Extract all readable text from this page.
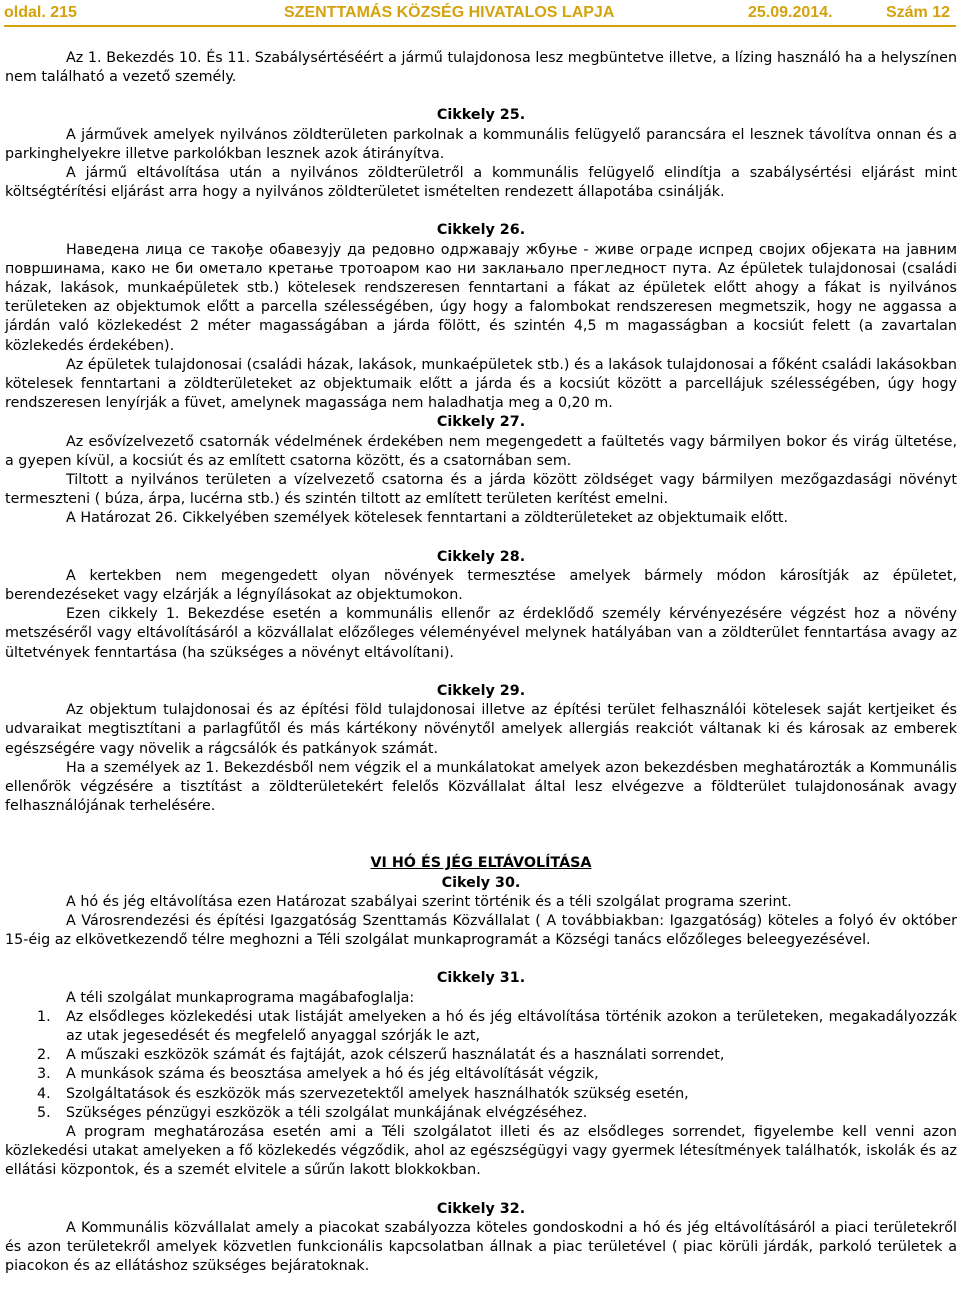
oldal. 215	SZENTTAMÁS KÖZSÉG HIVATALOS LAPJA	25.09.2014.	Szám 12

Az 1. Bekezdés 10. És 11. Szabálysértéséért a jármű tulajdonosa lesz megbüntetve illetve, a lízing használó ha a helyszínen nem található a vezető személy.

Cikkely 25.

A járművek amelyek nyilvános zöldterületen parkolnak a kommunális felügyelő parancsára el lesznek távolítva onnan és a parkinghelyekre illetve parkolókban lesznek azok átirányítva.

A jármű eltávolítása után a nyilvános zöldterületről a kommunális felügyelő elindítja a szabálysértési eljárást mint költségtérítési eljárást arra hogy a nyilvános zöldterületet ismételten rendezett állapotába csinálják.

Cikkely 26.

Наведена лица се такође обавезују да редовно одржавају жбуње - живе ограде испред својих објеката на јавним површинама, како не би ометало кретање тротоаром као ни заклањало прегледност пута. Az épületek tulajdonosai (családi házak, lakások, munkaépületek stb.) kötelesek rendszeresen fenntartani a fákat az épületek előtt ahogy a fákat is nyilvános területeken az objektumok előtt a parcella szélességében, úgy hogy a falombokat rendszeresen megmetszik, hogy ne aggassa a járdán való közlekedést 2 méter magasságában a járda fölött, és szintén 4,5 m magasságban a kocsiút felett (a zavartalan közlekedés érdekében).

Az épületek tulajdonosai (családi házak, lakások, munkaépületek stb.) és a lakások tulajdonosai a főként családi lakásokban kötelesek fenntartani a zöldterületeket az objektumaik előtt a járda és a kocsiút között a parcellájuk szélességében, úgy hogy rendszeresen lenyírják a füvet, amelynek magassága nem haladhatja meg a 0,20 m.

Cikkely 27.

Az esővízelvezető csatornák védelmének érdekében nem megengedett a faültetés vagy bármilyen bokor és virág ültetése, a gyepen kívül, a kocsiút és az említett csatorna között, és a csatornában sem.

Tiltott a nyilvános területen a vízelvezető csatorna és a járda között zöldséget vagy bármilyen mezőgazdasági növényt termeszteni ( búza, árpa, lucérna stb.) és szintén tiltott az említett területen kerítést emelni.

A Határozat 26. Cikkelyében személyek kötelesek fenntartani a zöldterületeket az objektumaik előtt.

Cikkely 28.

A kertekben nem megengedett olyan növények termesztése amelyek bármely módon károsítják az épületet, berendezéseket vagy elzárják a légnyílásokat az objektumokon.

Ezen cikkely 1. Bekezdése esetén a kommunális ellenőr az érdeklődő személy kérvényezésére végzést hoz a növény metszéséről vagy eltávolításáról a közvállalat előzőleges véleményével melynek hatályában van a zöldterület fenntartása avagy az ültetvények fenntartása (ha szükséges a növényt eltávolítani).

Cikkely 29.

Az objektum tulajdonosai és az építési föld tulajdonosai illetve az építési terület felhasználói kötelesek saját kertjeiket és udvaraikat megtisztítani a parlagfűtől és más kártékony növénytől amelyek allergiás reakciót váltanak ki és károsak az emberek egészségére vagy növelik a rágcsálók és patkányok számát.

Ha a személyek az 1. Bekezdésből nem végzik el a munkálatokat amelyek azon bekezdésben meghatározták a Kommunális ellenőrök végzésére a tisztítást a zöldterületekért felelős Közvállalat által lesz elvégezve a földterület tulajdonosának avagy felhasználójának terhelésére.

VI HÓ ÉS JÉG ELTÁVOLÍTÁSA

Cikely 30.

A hó és jég eltávolítása ezen Határozat szabályai szerint történik és a téli szolgálat programa szerint.

A Városrendezési és építési Igazgatóság Szenttamás Közvállalat ( A továbbiakban: Igazgatóság) köteles a folyó év október 15-éig az elkövetkezendő télre meghozni a Téli szolgálat munkaprogramát a Községi tanács előzőleges beleegyezésével.

Cikkely 31.

A téli szolgálat munkaprograma magábafoglalja:

1. Az elsődleges közlekedési utak listáját amelyeken a hó és jég eltávolítása történik azokon a területeken, megakadályozzák az utak jegesedését és megfelelő anyaggal szórják le azt,
2. A műszaki eszközök számát és fajtáját, azok célszerű használatát és a használati sorrendet,
3. A munkások száma és beosztása amelyek a hó és jég eltávolítását végzik,
4. Szolgáltatások és eszközök más szervezetektől amelyek használhatók szükség esetén,
5. Szükséges pénzügyi eszközök a téli szolgálat munkájának elvégzéséhez.

A program meghatározása esetén ami a Téli szolgálatot illeti és az elsődleges sorrendet, figyelembe kell venni azon közlekedési utakat amelyeken a fő közlekedés végződik, ahol az egészségügyi vagy gyermek létesítmények találhatók, iskolák és az ellátási központok, és a szemét elvitele a sűrűn lakott blokkokban.

Cikkely 32.

A Kommunális közvállalat amely a piacokat szabályozza köteles gondoskodni a hó és jég eltávolításáról a piaci területekről és azon területekről amelyek közvetlen funkcionális kapcsolatban állnak a piac területével ( piac körüli járdák, parkoló területek a piacokon és az ellátáshoz szükséges bejáratoknak.
